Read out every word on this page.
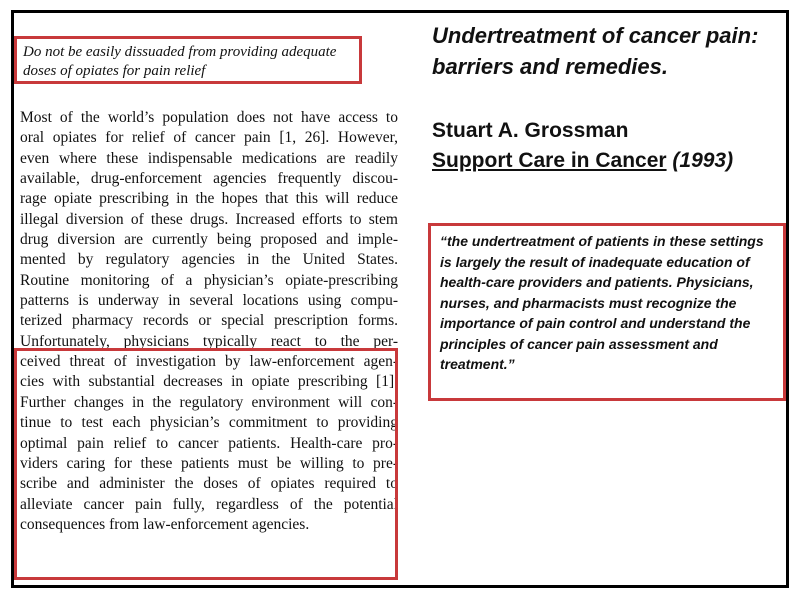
Do not be easily dissuaded from providing adequate
doses of opiates for pain relief
Most of the world’s population does not have access to
oral opiates for relief of cancer pain [1, 26]. However,
even where these indispensable medications are readily
available, drug-enforcement agencies frequently discou-
rage opiate prescribing in the hopes that this will reduce
illegal diversion of these drugs. Increased efforts to stem
drug diversion are currently being proposed and imple-
mented by regulatory agencies in the United States.
Routine monitoring of a physician’s opiate-prescribing
patterns is underway in several locations using compu-
terized pharmacy records or special prescription forms.
Unfortunately, physicians typically react to the per-
ceived threat of investigation by law-enforcement agen-
cies with substantial decreases in opiate prescribing [1].
Further changes in the regulatory environment will con-
tinue to test each physician’s commitment to providing
optimal pain relief to cancer patients. Health-care pro-
viders caring for these patients must be willing to pre-
scribe and administer the doses of opiates required to
alleviate cancer pain fully, regardless of the potential
consequences from law-enforcement agencies.
Undertreatment of cancer pain:
barriers and remedies.
Stuart A. Grossman
Support Care in Cancer (1993)
“the undertreatment of patients in these settings
is largely the result of inadequate education of
health-care providers and patients. Physicians,
nurses, and pharmacists must recognize the
importance of pain control and understand the
principles of cancer pain assessment and
treatment.”
